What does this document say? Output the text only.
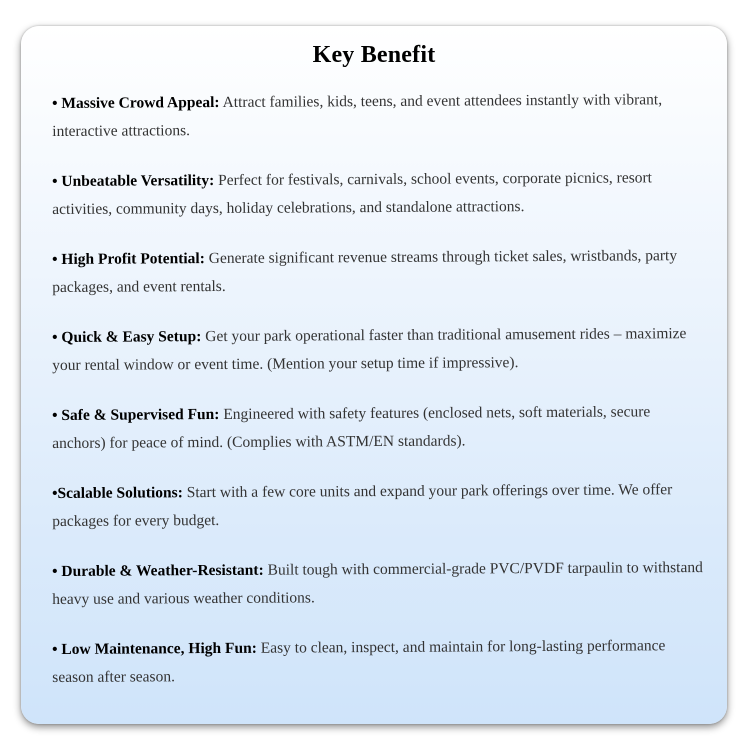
Key Benefit
• Massive Crowd Appeal: Attract families, kids, teens, and event attendees instantly with vibrant, interactive attractions.
• Unbeatable Versatility: Perfect for festivals, carnivals, school events, corporate picnics, resort activities, community days, holiday celebrations, and standalone attractions.
• High Profit Potential: Generate significant revenue streams through ticket sales, wristbands, party packages, and event rentals.
• Quick & Easy Setup: Get your park operational faster than traditional amusement rides – maximize your rental window or event time. (Mention your setup time if impressive).
• Safe & Supervised Fun: Engineered with safety features (enclosed nets, soft materials, secure anchors) for peace of mind. (Complies with ASTM/EN standards).
•Scalable Solutions: Start with a few core units and expand your park offerings over time. We offer packages for every budget.
• Durable & Weather-Resistant: Built tough with commercial-grade PVC/PVDF tarpaulin to withstand heavy use and various weather conditions.
• Low Maintenance, High Fun: Easy to clean, inspect, and maintain for long-lasting performance season after season.
